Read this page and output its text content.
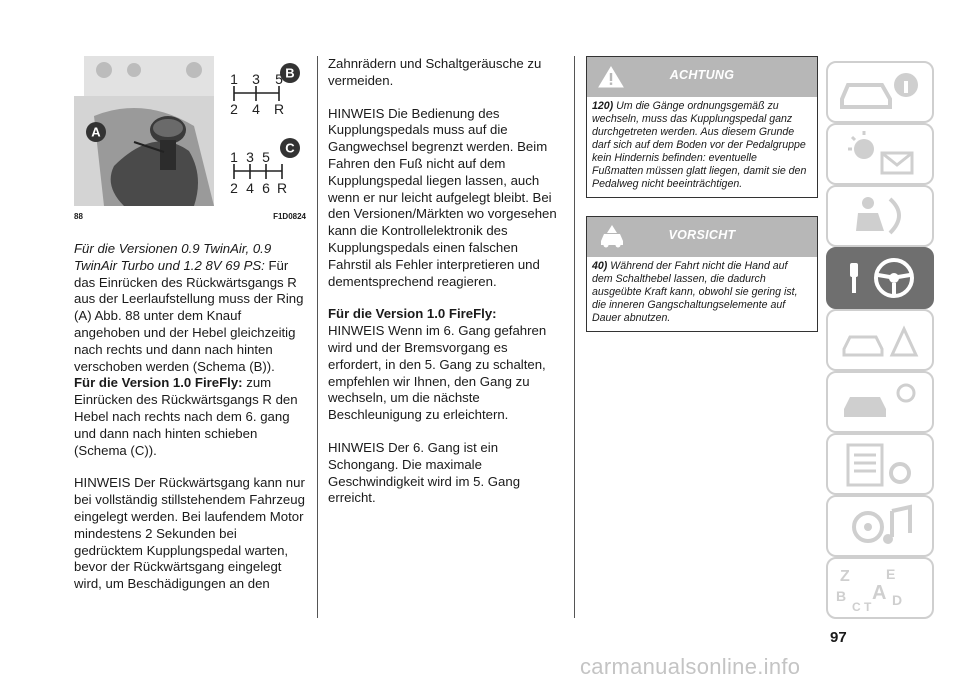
A
B
C
1 3 5
2 4 R
1 3 5
2 4 6 R
88	F1D0824

Für die Versionen 0.9 TwinAir, 0.9 TwinAir Turbo und 1.2 8V 69 PS: Für das Einrücken des Rückwärtsgangs R aus der Leerlaufstellung muss der Ring (A) Abb. 88 unter dem Knauf angehoben und der Hebel gleichzeitig nach rechts und dann nach hinten verschoben werden (Schema (B)).

Für die Version 1.0 FireFly: zum Einrücken des Rückwärtsgangs R den Hebel nach rechts nach dem 6. gang und dann nach hinten schieben (Schema (C)).

HINWEIS Der Rückwärtsgang kann nur bei vollständig stillstehendem Fahrzeug eingelegt werden. Bei laufendem Motor mindestens 2 Sekunden bei gedrücktem Kupplungspedal warten, bevor der Rückwärtsgang eingelegt wird, um Beschädigungen an den

Zahnrädern und Schaltgeräusche zu vermeiden.

HINWEIS Die Bedienung des Kupplungspedals muss auf die Gangwechsel begrenzt werden. Beim Fahren den Fuß nicht auf dem Kupplungspedal liegen lassen, auch wenn er nur leicht aufgelegt bleibt. Bei den Versionen/Märkten wo vorgesehen kann die Kontrollelektronik des Kupplungspedals einen falschen Fahrstil als Fehler interpretieren und dementsprechend reagieren.

Für die Version 1.0 FireFly:

HINWEIS Wenn im 6. Gang gefahren wird und der Bremsvorgang es erfordert, in den 5. Gang zu schalten, empfehlen wir Ihnen, den Gang zu wechseln, um die nächste Beschleunigung zu erleichtern.

HINWEIS Der 6. Gang ist ein Schongang. Die maximale Geschwindigkeit wird im 5. Gang erreicht.

ACHTUNG
120) Um die Gänge ordnungsgemäß zu wechseln, muss das Kupplungspedal ganz durchgetreten werden. Aus diesem Grunde darf sich auf dem Boden vor der Pedalgruppe kein Hindernis befinden: eventuelle Fußmatten müssen glatt liegen, damit sie den Pedalweg nicht beeinträchtigen.
VORSICHT
40) Während der Fahrt nicht die Hand auf dem Schalthebel lassen, die dadurch ausgeübte Kraft kann, obwohl sie gering ist, die inneren Gangschaltungselemente auf Dauer abnutzen.
Z	E
B A
C T D
97
carmanualsonline.info
